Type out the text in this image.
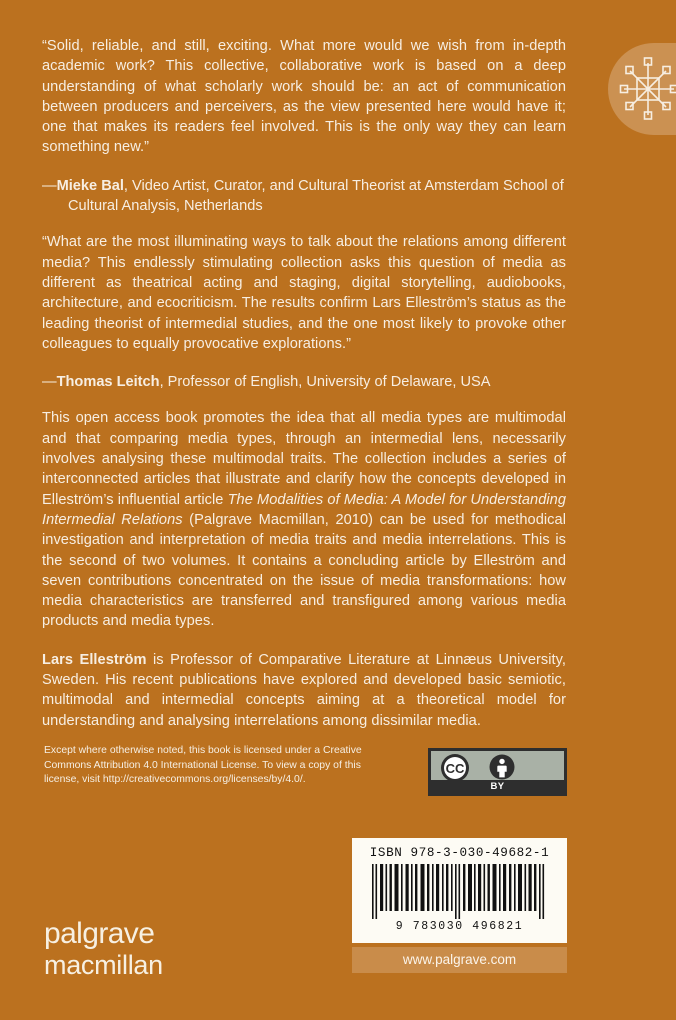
“Solid, reliable, and still, exciting. What more would we wish from in-depth academic work? This collective, collaborative work is based on a deep understanding of what scholarly work should be: an act of communication between producers and perceivers, as the view presented here would have it; one that makes its readers feel involved. This is the only way they can learn something new.”

—Mieke Bal, Video Artist, Curator, and Cultural Theorist at Amsterdam School of Cultural Analysis, Netherlands

“What are the most illuminating ways to talk about the relations among different media? This endlessly stimulating collection asks this question of media as different as theatrical acting and staging, digital storytelling, audiobooks, architecture, and ecocriticism. The results confirm Lars Elleström’s status as the leading theorist of intermedial studies, and the one most likely to provoke other colleagues to equally provocative explorations.”

—Thomas Leitch, Professor of English, University of Delaware, USA

This open access book promotes the idea that all media types are multimodal and that comparing media types, through an intermedial lens, necessarily involves analysing these multimodal traits. The collection includes a series of interconnected articles that illustrate and clarify how the concepts developed in Elleström’s influential article The Modalities of Media: A Model for Understanding Intermedial Relations (Palgrave Macmillan, 2010) can be used for methodical investigation and interpretation of media traits and media interrelations. This is the second of two volumes. It contains a concluding article by Elleström and seven contributions concentrated on the issue of media transformations: how media characteristics are transferred and transfigured among various media products and media types.

Lars Elleström is Professor of Comparative Literature at Linnæus University, Sweden. His recent publications have explored and developed basic semiotic, multimodal and intermedial concepts aiming at a theoretical model for understanding and analysing interrelations among dissimilar media.

Except where otherwise noted, this book is licensed under a Creative Commons Attribution 4.0 International License. To view a copy of this license, visit http://creativecommons.org/licenses/by/4.0/.
CC
BY
ISBN 978-3-030-49682-1
9 783030 496821
www.palgrave.com
palgrave
macmillan
